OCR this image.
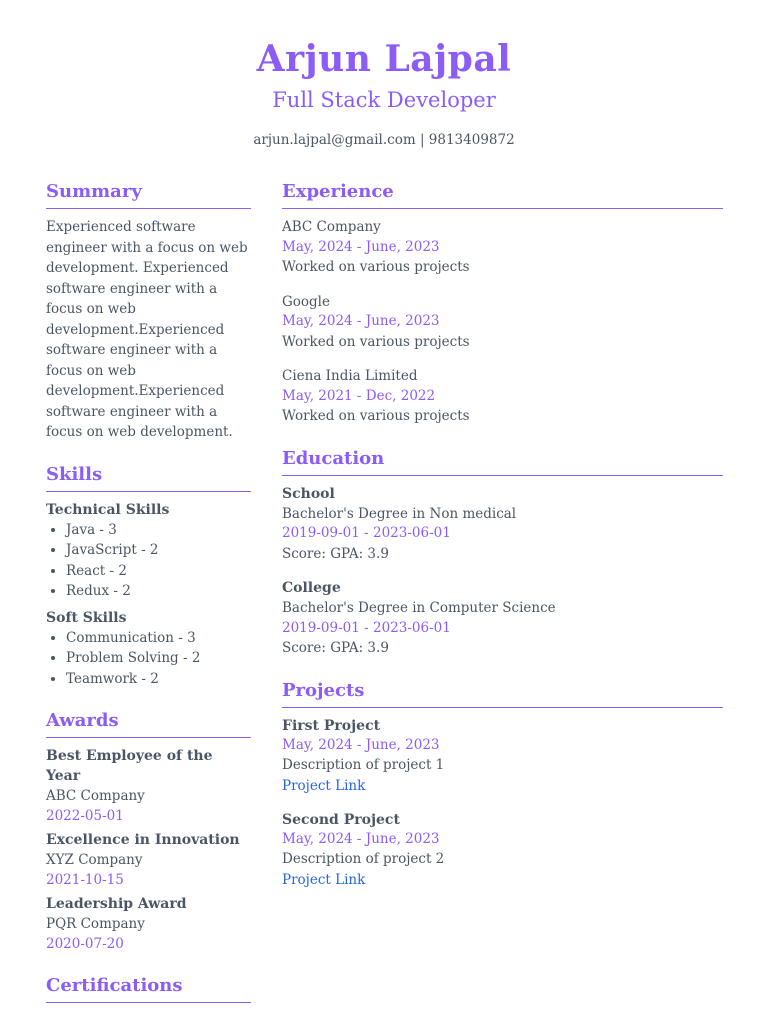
Arjun Lajpal
Full Stack Developer
arjun.lajpal@gmail.com | 9813409872
Summary
Experienced software engineer with a focus on web development. Experienced software engineer with a focus on web development.Experienced software engineer with a focus on web development.Experienced software engineer with a focus on web development.
Skills
Technical Skills
• Java - 3
• JavaScript - 2
• React - 2
• Redux - 2
Soft Skills
• Communication - 3
• Problem Solving - 2
• Teamwork - 2
Awards
Best Employee of the Year
ABC Company
2022-05-01
Excellence in Innovation
XYZ Company
2021-10-15
Leadership Award
PQR Company
2020-07-20
Certifications
Experience
ABC Company
May, 2024 - June, 2023
Worked on various projects
Google
May, 2024 - June, 2023
Worked on various projects
Ciena India Limited
May, 2021 - Dec, 2022
Worked on various projects
Education
School
Bachelor's Degree in Non medical
2019-09-01 - 2023-06-01
Score: GPA: 3.9
College
Bachelor's Degree in Computer Science
2019-09-01 - 2023-06-01
Score: GPA: 3.9
Projects
First Project
May, 2024 - June, 2023
Description of project 1
Project Link
Second Project
May, 2024 - June, 2023
Description of project 2
Project Link
